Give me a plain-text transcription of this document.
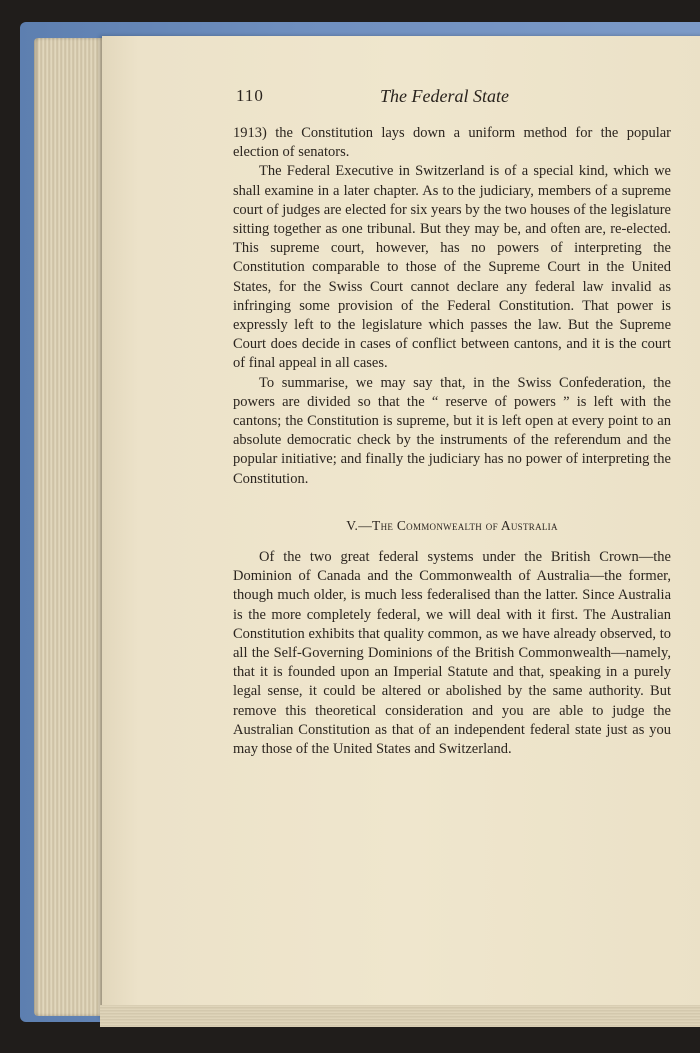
110	The Federal State

1913) the Constitution lays down a uniform method for the popular election of senators.

The Federal Executive in Switzerland is of a special kind, which we shall examine in a later chapter. As to the judiciary, members of a supreme court of judges are elected for six years by the two houses of the legislature sitting together as one tribunal. But they may be, and often are, re-elected. This supreme court, however, has no powers of interpreting the Constitution comparable to those of the Supreme Court in the United States, for the Swiss Court cannot declare any federal law invalid as infringing some provision of the Federal Constitution. That power is expressly left to the legislature which passes the law. But the Supreme Court does decide in cases of conflict between cantons, and it is the court of final appeal in all cases.

To summarise, we may say that, in the Swiss Confederation, the powers are divided so that the “ reserve of powers ” is left with the cantons; the Constitution is supreme, but it is left open at every point to an absolute democratic check by the instruments of the referendum and the popular initiative; and finally the judiciary has no power of interpreting the Constitution.

V.—The Commonwealth of Australia

Of the two great federal systems under the British Crown—the Dominion of Canada and the Commonwealth of Australia—the former, though much older, is much less federalised than the latter. Since Australia is the more completely federal, we will deal with it first. The Australian Constitution exhibits that quality common, as we have already observed, to all the Self-Governing Dominions of the British Commonwealth—namely, that it is founded upon an Imperial Statute and that, speaking in a purely legal sense, it could be altered or abolished by the same authority. But remove this theoretical consideration and you are able to judge the Australian Constitution as that of an independent federal state just as you may those of the United States and Switzerland.
